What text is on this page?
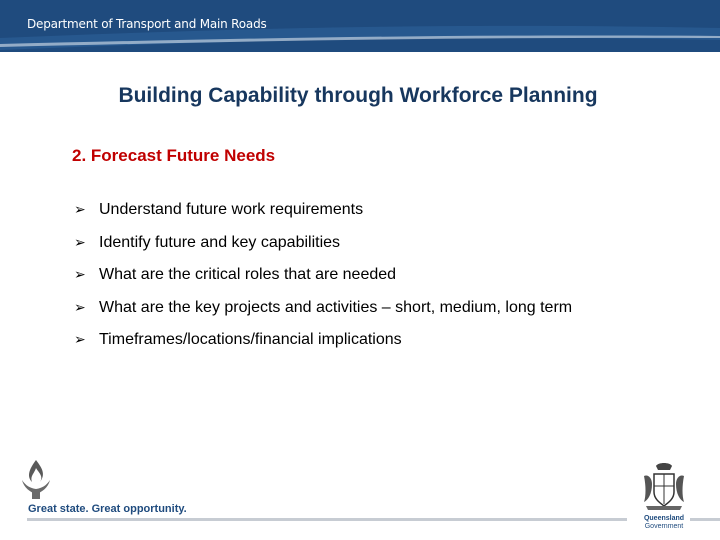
Department of Transport and Main Roads
Building Capability through Workforce Planning
2. Forecast Future Needs
➢ Understand future work requirements
➢ Identify future and key capabilities
➢ What are the critical roles that are needed
➢ What are the key projects and activities – short, medium, long term
➢ Timeframes/locations/financial implications
Great state. Great opportunity.
Queensland
Government
